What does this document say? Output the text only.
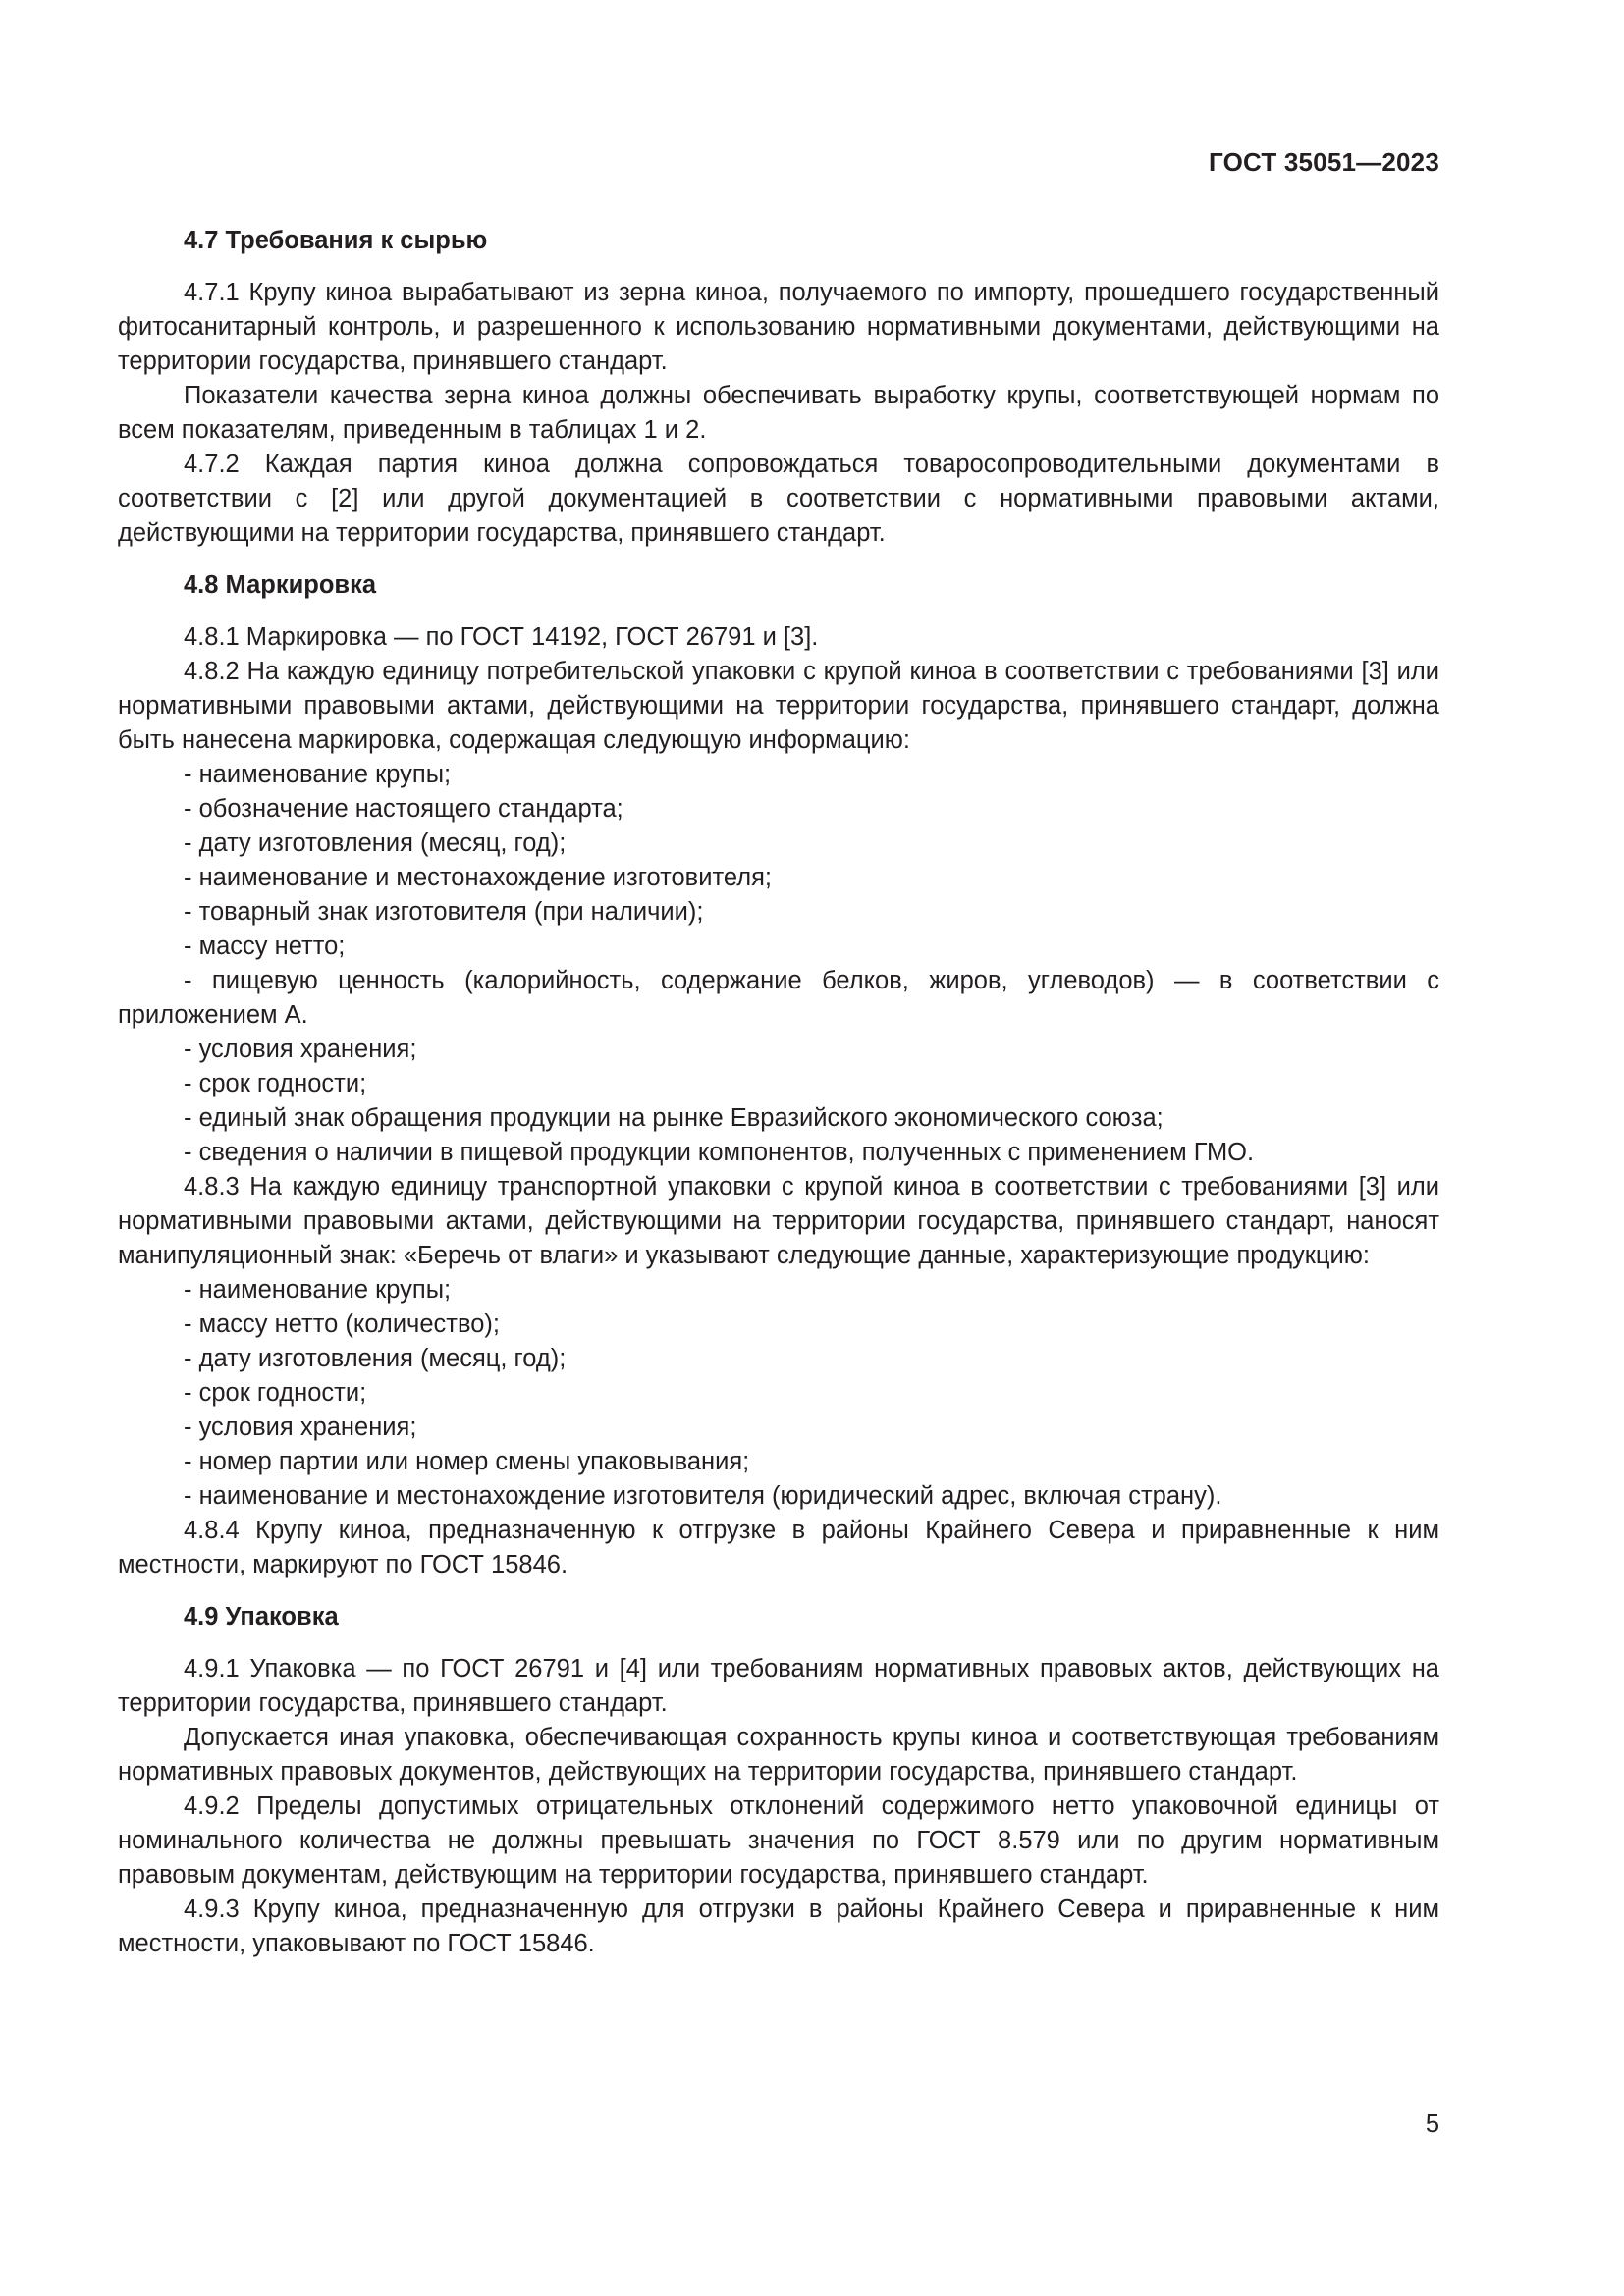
ГОСТ 35051—2023
4.7 Требования к сырью

4.7.1 Крупу киноа вырабатывают из зерна киноа, получаемого по импорту, прошедшего государственный фитосанитарный контроль, и разрешенного к использованию нормативными документами, действующими на территории государства, принявшего стандарт.

Показатели качества зерна киноа должны обеспечивать выработку крупы, соответствующей нормам по всем показателям, приведенным в таблицах 1 и 2.

4.7.2 Каждая партия киноа должна сопровождаться товаросопроводительными документами в соответствии с [2] или другой документацией в соответствии с нормативными правовыми актами, действующими на территории государства, принявшего стандарт.

4.8 Маркировка

4.8.1 Маркировка — по ГОСТ 14192, ГОСТ 26791 и [3].

4.8.2 На каждую единицу потребительской упаковки с крупой киноа в соответствии с требованиями [3] или нормативными правовыми актами, действующими на территории государства, принявшего стандарт, должна быть нанесена маркировка, содержащая следующую информацию:

- наименование крупы;

- обозначение настоящего стандарта;

- дату изготовления (месяц, год);

- наименование и местонахождение изготовителя;

- товарный знак изготовителя (при наличии);

- массу нетто;

- пищевую ценность (калорийность, содержание белков, жиров, углеводов) — в соответствии с приложением А.

- условия хранения;

- срок годности;

- единый знак обращения продукции на рынке Евразийского экономического союза;

- сведения о наличии в пищевой продукции компонентов, полученных с применением ГМО.

4.8.3 На каждую единицу транспортной упаковки с крупой киноа в соответствии с требованиями [3] или нормативными правовыми актами, действующими на территории государства, принявшего стандарт, наносят манипуляционный знак: «Беречь от влаги» и указывают следующие данные, характеризующие продукцию:

- наименование крупы;

- массу нетто (количество);

- дату изготовления (месяц, год);

- срок годности;

- условия хранения;

- номер партии или номер смены упаковывания;

- наименование и местонахождение изготовителя (юридический адрес, включая страну).

4.8.4 Крупу киноа, предназначенную к отгрузке в районы Крайнего Севера и приравненные к ним местности, маркируют по ГОСТ 15846.

4.9 Упаковка

4.9.1 Упаковка — по ГОСТ 26791 и [4] или требованиям нормативных правовых актов, действующих на территории государства, принявшего стандарт.

Допускается иная упаковка, обеспечивающая сохранность крупы киноа и соответствующая требованиям нормативных правовых документов, действующих на территории государства, принявшего стандарт.

4.9.2 Пределы допустимых отрицательных отклонений содержимого нетто упаковочной единицы от номинального количества не должны превышать значения по ГОСТ 8.579 или по другим нормативным правовым документам, действующим на территории государства, принявшего стандарт.

4.9.3 Крупу киноа, предназначенную для отгрузки в районы Крайнего Севера и приравненные к ним местности, упаковывают по ГОСТ 15846.

5
